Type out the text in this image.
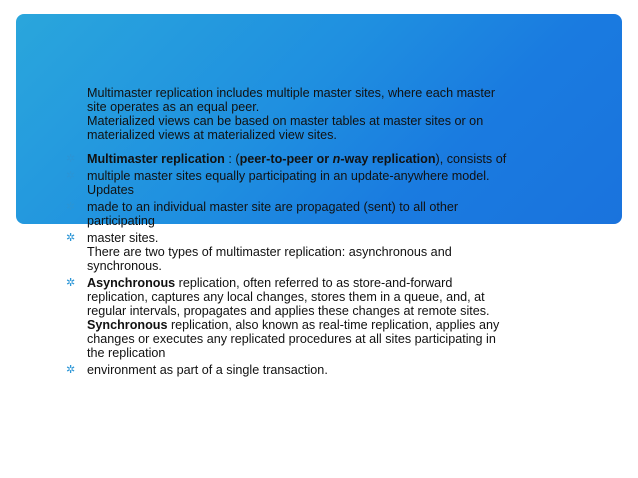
Multimaster replication includes multiple master sites, where each master

site operates as an equal peer.

Materialized views can be based on master tables at master sites or on

materialized views at materialized view sites.

✲ Multimaster replication : (peer-to-peer or n-way replication), consists of
✲ multiple master sites equally participating in an update-anywhere model.
Updates
✲ made to an individual master site are propagated (sent) to all other
participating
✲ master sites.
There are two types of multimaster replication: asynchronous and
synchronous.
✲ Asynchronous replication, often referred to as store-and-forward
replication, captures any local changes, stores them in a queue, and, at
regular intervals, propagates and applies these changes at remote sites.
Synchronous replication, also known as real-time replication, applies any
changes or executes any replicated procedures at all sites participating in
the replication
✲ environment as part of a single transaction.
